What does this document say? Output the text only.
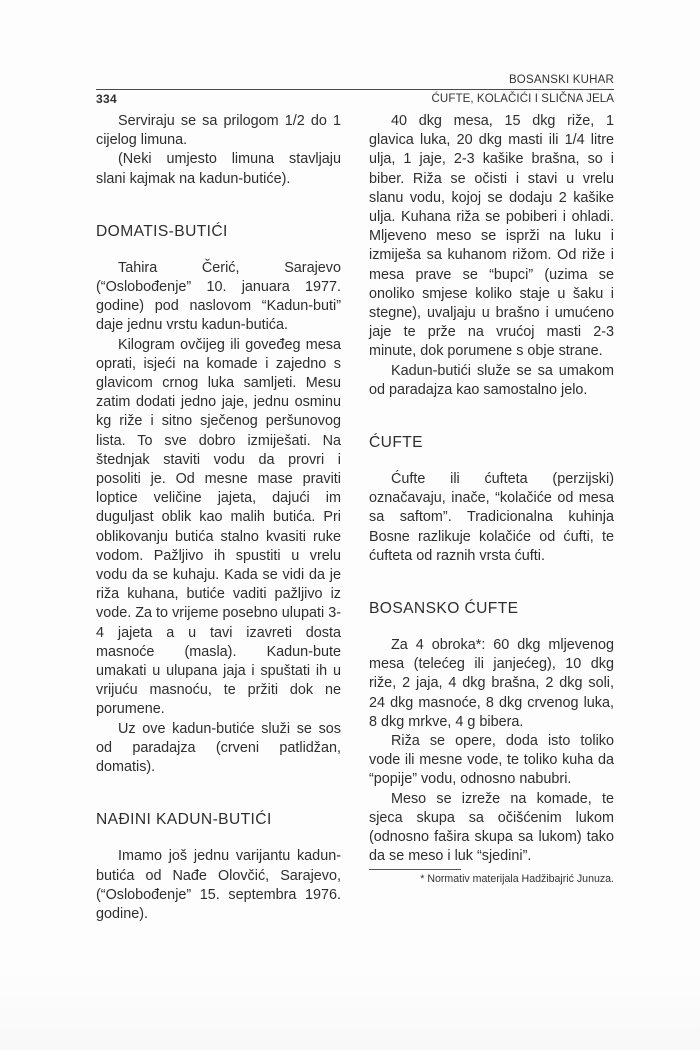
BOSANSKI KUHAR
334	ĆUFTE, KOLAČIĆI I SLIČNA JELA

Serviraju se sa prilogom 1/2 do 1 cijelog limuna.

(Neki umjesto limuna stavljaju slani kajmak na kadun-butiće).

DOMATIS-BUTIĆI

Tahira Čerić, Sarajevo (“Oslobođenje” 10. januara 1977. godine) pod naslovom “Kadun-buti” daje jednu vrstu kadun-butića.

Kilogram ovčijeg ili goveđeg mesa oprati, isjeći na komade i zajedno s glavicom crnog luka samljeti. Mesu zatim dodati jedno jaje, jednu osminu kg riže i sitno sječenog peršunovog lista. To sve dobro izmiješati. Na štednjak staviti vodu da provri i posoliti je. Od mesne mase praviti loptice veličine jajeta, dajući im duguljast oblik kao malih butića. Pri oblikovanju butića stalno kvasiti ruke vodom. Pažljivo ih spustiti u vrelu vodu da se kuhaju. Kada se vidi da je riža kuhana, butiće vaditi pažljivo iz vode. Za to vrijeme posebno ulupati 3-4 jajeta a u tavi izavreti dosta masnoće (masla). Kadun-bute umakati u ulupana jaja i spuštati ih u vrijuću masnoću, te pržiti dok ne porumene.

Uz ove kadun-butiće služi se sos od paradajza (crveni patlidžan, domatis).

NAĐINI KADUN-BUTIĆI

Imamo još jednu varijantu kadun-butića od Nađe Olovčić, Sarajevo, (“Oslobođenje” 15. septembra 1976. godine).

40 dkg mesa, 15 dkg riže, 1 glavica luka, 20 dkg masti ili 1/4 litre ulja, 1 jaje, 2-3 kašike brašna, so i biber. Riža se očisti i stavi u vrelu slanu vodu, kojoj se dodaju 2 kašike ulja. Kuhana riža se pobiberi i ohladi. Mljeveno meso se isprži na luku i izmiješa sa kuhanom rižom. Od riže i mesa prave se “bupci” (uzima se onoliko smjese koliko staje u šaku i stegne), uvaljaju u brašno i umućeno jaje te prže na vrućoj masti 2-3 minute, dok porumene s obje strane.

Kadun-butići služe se sa umakom od paradajza kao samostalno jelo.

ĆUFTE

Ćufte ili ćufteta (perzijski) označavaju, inače, “kolačiće od mesa sa saftom”. Tradicionalna kuhinja Bosne razlikuje kolačiće od ćufti, te ćufteta od raznih vrsta ćufti.

BOSANSKO ĆUFTE

Za 4 obroka*: 60 dkg mljevenog mesa (telećeg ili janjećeg), 10 dkg riže, 2 jaja, 4 dkg brašna, 2 dkg soli, 24 dkg masnoće, 8 dkg crvenog luka, 8 dkg mrkve, 4 g bibera.

Riža se opere, doda isto toliko vode ili mesne vode, te toliko kuha da “popije” vodu, odnosno nabubri.

Meso se izreže na komade, te sjeca skupa sa očišćenim lukom (odnosno fašira skupa sa lukom) tako da se meso i luk “sjedini”.

* Normativ materijala Hadžibajrić Junuza.
